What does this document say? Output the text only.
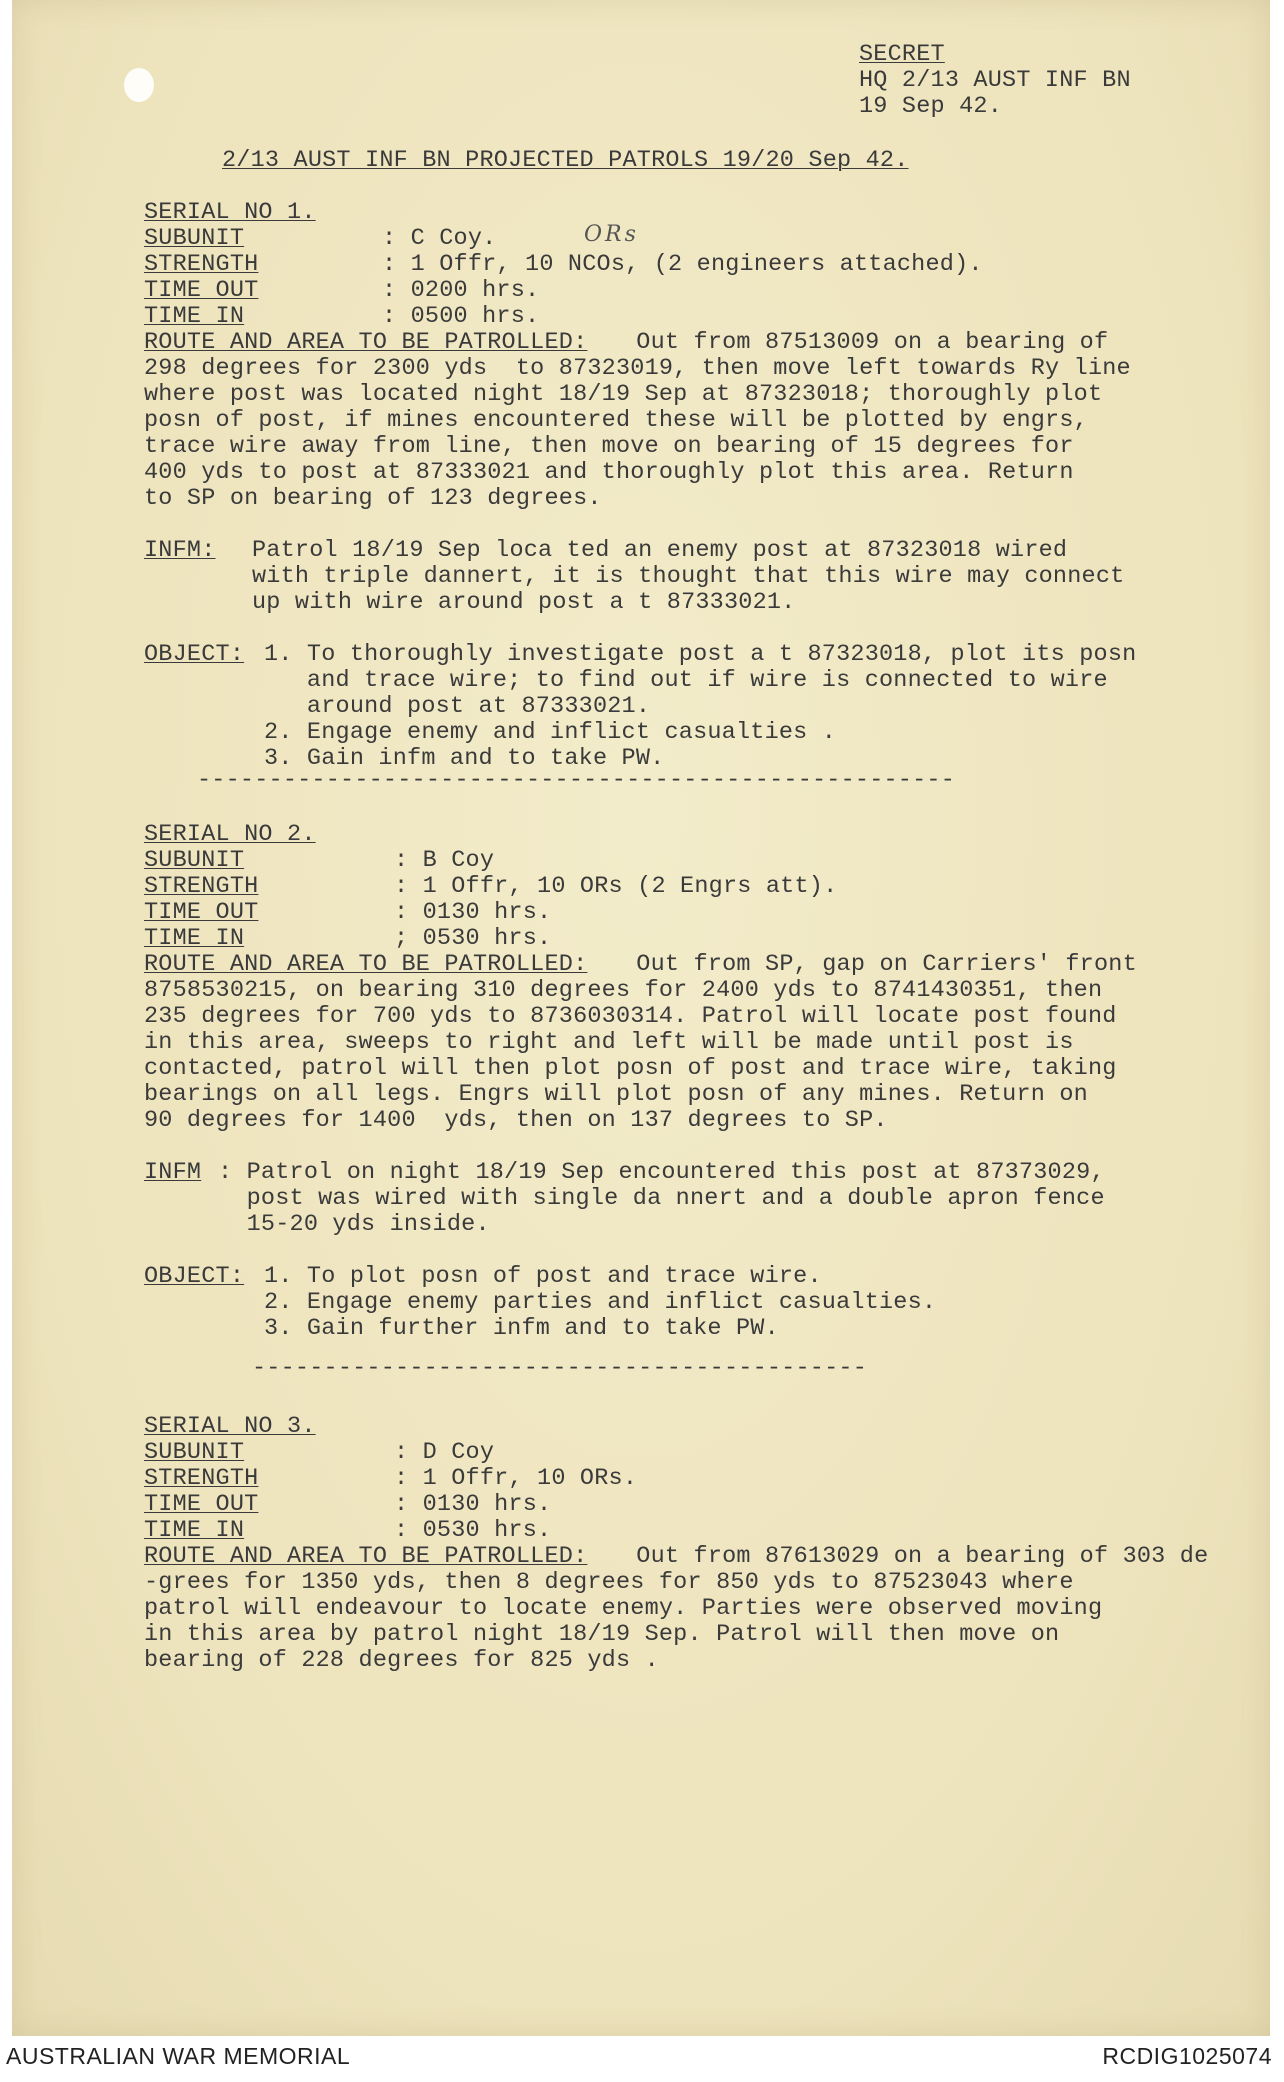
SECRET
HQ 2/13 AUST INF BN
19 Sep 42.
2/13 AUST INF BN PROJECTED PATROLS 19/20 Sep 42.
SERIAL NO 1.
SUBUNIT	: C Coy.
STRENGTH	: 1 Offr, 10 NCOs, (2 engineers attached).
ORs
TIME OUT	: 0200 hrs.
TIME IN	: 0500 hrs.
ROUTE AND AREA TO BE PATROLLED: Out from 87513009 on a bearing of
298 degrees for 2300 yds  to 87323019, then move left towards Ry line
where post was located night 18/19 Sep at 87323018; thoroughly plot
posn of post, if mines encountered these will be plotted by engrs,
trace wire away from line, then move on bearing of 15 degrees for
400 yds to post at 87333021 and thoroughly plot this area. Return
to SP on bearing of 123 degrees.
INFM: Patrol 18/19 Sep loca ted an enemy post at 87323018 wired
with triple dannert, it is thought that this wire may connect
up with wire around post a t 87333021.
OBJECT: 1. To thoroughly investigate post a t 87323018, plot its posn
and trace wire; to find out if wire is connected to wire
around post at 87333021.
2. Engage enemy and inflict casualties .
3. Gain infm and to take PW.
-----------------------------------------------------
SERIAL NO 2.
SUBUNIT	: B Coy
STRENGTH	: 1 Offr, 10 ORs (2 Engrs att).
TIME OUT	: 0130 hrs.
TIME IN	; 0530 hrs.
ROUTE AND AREA TO BE PATROLLED: Out from SP, gap on Carriers' front
8758530215, on bearing 310 degrees for 2400 yds to 8741430351, then
235 degrees for 700 yds to 8736030314. Patrol will locate post found
in this area, sweeps to right and left will be made until post is
contacted, patrol will then plot posn of post and trace wire, taking
bearings on all legs. Engrs will plot posn of any mines. Return on
90 degrees for 1400  yds, then on 137 degrees to SP.
INFM : Patrol on night 18/19 Sep encountered this post at 87373029,
post was wired with single da nnert and a double apron fence
15-20 yds inside.
OBJECT: 1. To plot posn of post and trace wire.
2. Engage enemy parties and inflict casualties.
3. Gain further infm and to take PW.
-------------------------------------------
SERIAL NO 3.
SUBUNIT	: D Coy
STRENGTH	: 1 Offr, 10 ORs.
TIME OUT	: 0130 hrs.
TIME IN	: 0530 hrs.
ROUTE AND AREA TO BE PATROLLED: Out from 87613029 on a bearing of 303 de
-grees for 1350 yds, then 8 degrees for 850 yds to 87523043 where
patrol will endeavour to locate enemy. Parties were observed moving
in this area by patrol night 18/19 Sep. Patrol will then move on
bearing of 228 degrees for 825 yds .
AUSTRALIAN WAR MEMORIAL	RCDIG1025074
